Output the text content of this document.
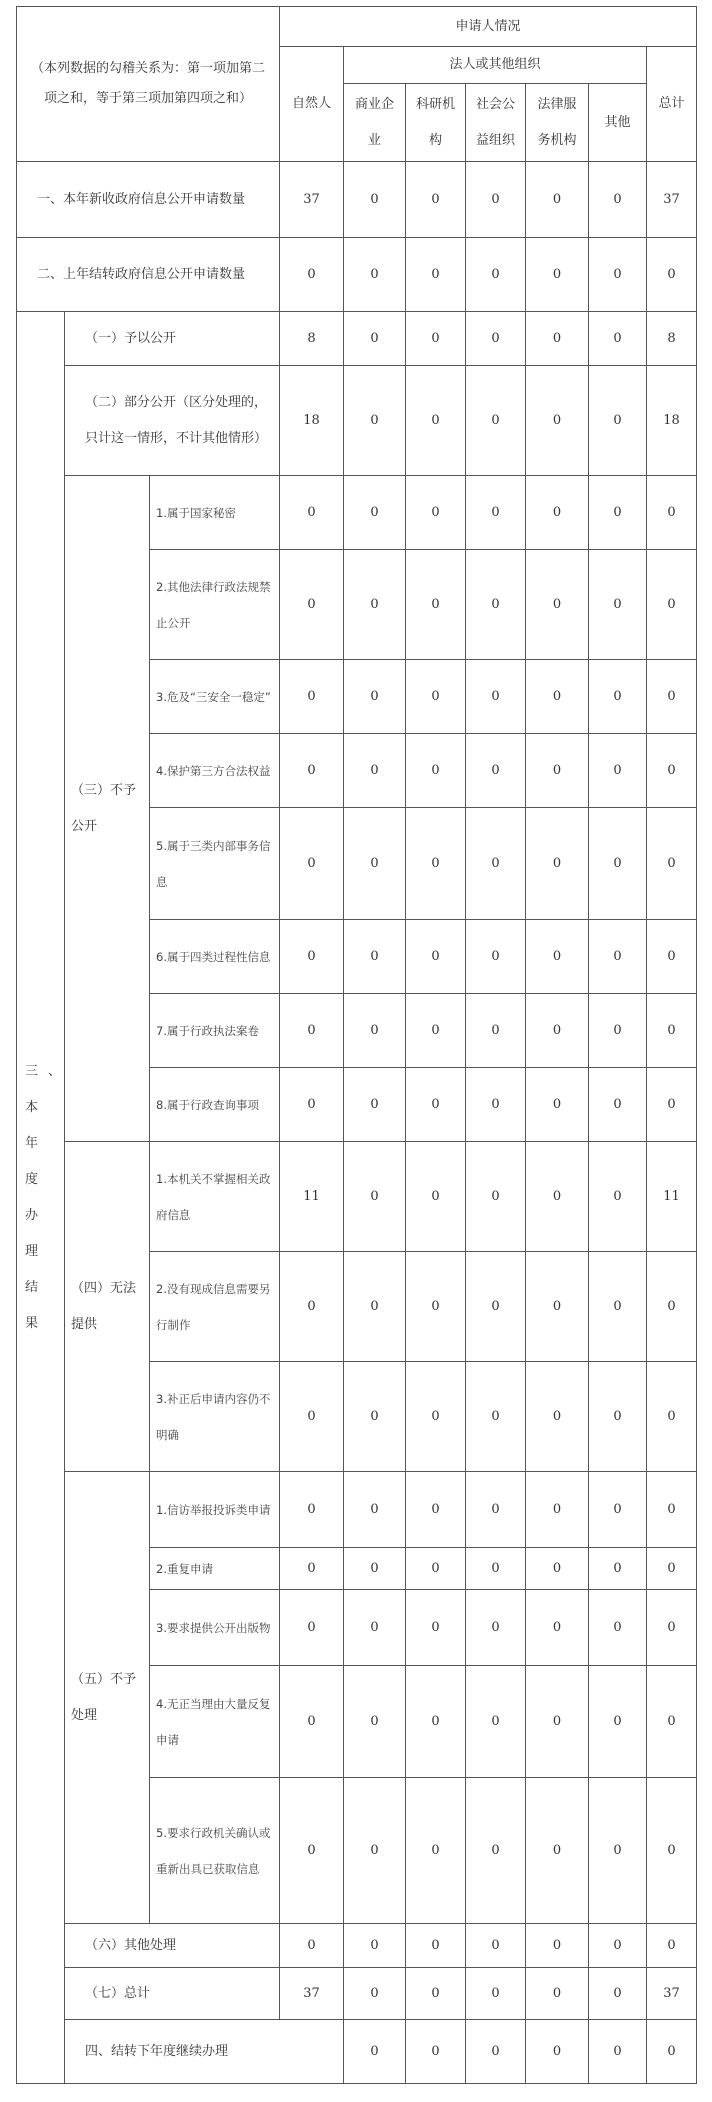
（本列数据的勾稽关系为：第一项加第二项之和，等于第三项加第四项之和）			申请人情况							
			自然人	法人或其他组织					总计	
				商业企业	科研机构	社会公益组织	法律服务机构	其他		
一、本年新收政府信息公开申请数量			37	0	0	0	0	0	37	
二、上年结转政府信息公开申请数量			0	0	0	0	0	0	0	
三、本年度办理结果	（一）予以公开		8	0	0	0	0	0	8	
	（二）部分公开（区分处理的，只计这一情形，不计其他情形）		18	0	0	0	0	0	18	
	（三）不予公开	1.属于国家秘密	0	0	0	0	0	0	0	
		2.其他法律行政法规禁止公开	0	0	0	0	0	0	0	
		3.危及“三安全一稳定”	0	0	0	0	0	0	0	
		4.保护第三方合法权益	0	0	0	0	0	0	0	
		5.属于三类内部事务信息	0	0	0	0	0	0	0	
		6.属于四类过程性信息	0	0	0	0	0	0	0	
		7.属于行政执法案卷	0	0	0	0	0	0	0	
		8.属于行政查询事项	0	0	0	0	0	0	0	
	（四）无法提供	1.本机关不掌握相关政府信息	11	0	0	0	0	0	11	
		2.没有现成信息需要另行制作	0	0	0	0	0	0	0	
		3.补正后申请内容仍不明确	0	0	0	0	0	0	0	
	（五）不予处理	1.信访举报投诉类申请	0	0	0	0	0	0	0	
		2.重复申请	0	0	0	0	0	0	0	
		3.要求提供公开出版物	0	0	0	0	0	0	0	
		4.无正当理由大量反复申请	0	0	0	0	0	0	0	
		5.要求行政机关确认或重新出具已获取信息	0	0	0	0	0	0	0	
	（六）其他处理		0	0	0	0	0	0	0	
	（七）总计		37	0	0	0	0	0	37	
	四、结转下年度继续办理			0	0	0	0	0	0	
